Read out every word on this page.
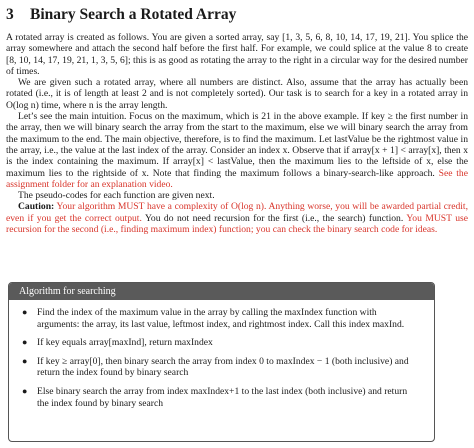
3 Binary Search a Rotated Array

A rotated array is created as follows. You are given a sorted array, say [1, 3, 5, 6, 8, 10, 14, 17, 19, 21]. You splice the array somewhere and attach the second half before the first half. For example, we could splice at the value 8 to create [8, 10, 14, 17, 19, 21, 1, 3, 5, 6]; this is as good as rotating the array to the right in a circular way for the desired number of times.

We are given such a rotated array, where all numbers are distinct. Also, assume that the array has actually been rotated (i.e., it is of length at least 2 and is not completely sorted). Our task is to search for a key in a rotated array in O(log n) time, where n is the array length.

Let’s see the main intuition. Focus on the maximum, which is 21 in the above example. If key ≥ the first number in the array, then we will binary search the array from the start to the maximum, else we will binary search the array from the maximum to the end. The main objective, therefore, is to find the maximum. Let lastValue be the rightmost value in the array, i.e., the value at the last index of the array. Consider an index x. Observe that if array[x + 1] < array[x], then x is the index containing the maximum. If array[x] < lastValue, then the maximum lies to the leftside of x, else the maximum lies to the rightside of x. Note that finding the maximum follows a binary-search-like approach. See the assignment folder for an explanation video.

The pseudo-codes for each function are given next.

Caution: Your algorithm MUST have a complexity of O(log n). Anything worse, you will be awarded partial credit, even if you get the correct output. You do not need recursion for the first (i.e., the search) function. You MUST use recursion for the second (i.e., finding maximum index) function; you can check the binary search code for ideas.

Algorithm for searching
● Find the index of the maximum value in the array by calling the maxIndex function with arguments: the array, its last value, leftmost index, and rightmost index. Call this index maxInd.
● If key equals array[maxInd], return maxIndex
● If key ≥ array[0], then binary search the array from index 0 to maxIndex − 1 (both inclusive) and return the index found by binary search
● Else binary search the array from index maxIndex+1 to the last index (both inclusive) and return the index found by binary search
